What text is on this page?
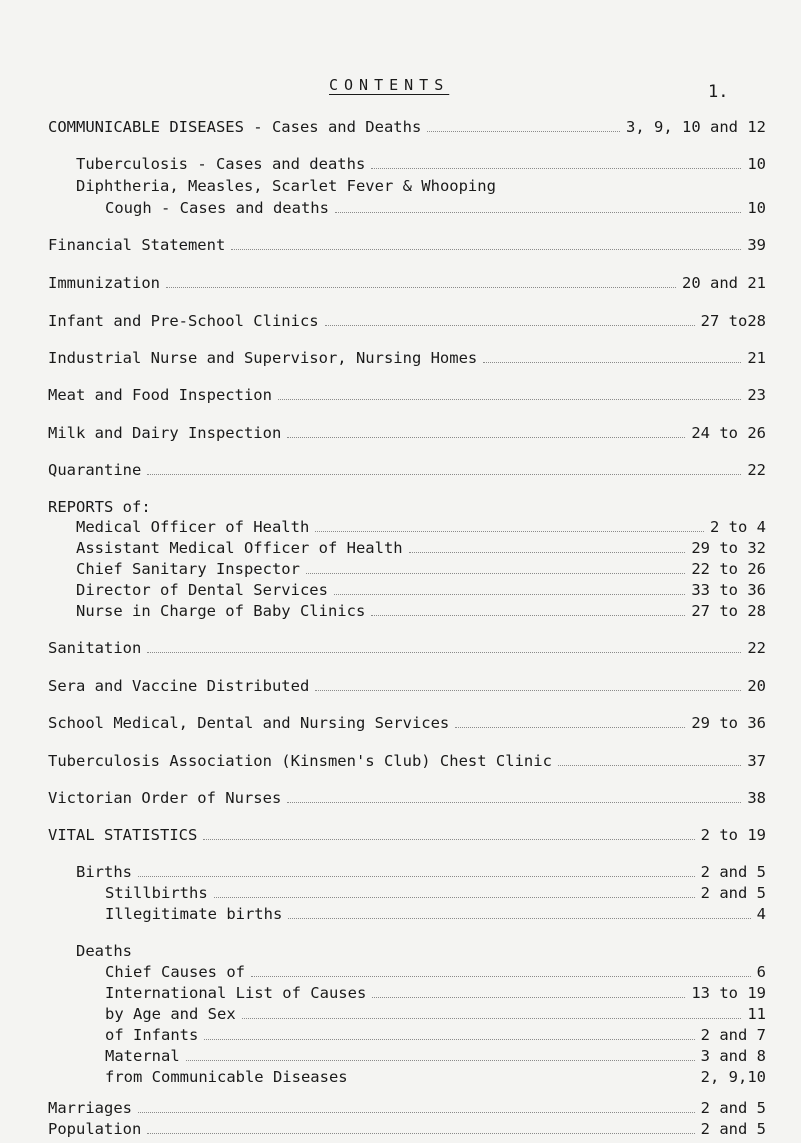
1.
CONTENTS
COMMUNICABLE DISEASES - Cases and Deaths	3, 9, 10 and 12
Tuberculosis - Cases and deaths	10
Diphtheria, Measles, Scarlet Fever & Whooping
Cough - Cases and deaths	10
Financial Statement	39
Immunization	20 and 21
Infant and Pre-School Clinics	27 to28
Industrial Nurse and Supervisor, Nursing Homes	21
Meat and Food Inspection	23
Milk and Dairy Inspection	24 to 26
Quarantine	22
REPORTS of:
Medical Officer of Health	2 to 4
Assistant Medical Officer of Health	29 to 32
Chief Sanitary Inspector	22 to 26
Director of Dental Services	33 to 36
Nurse in Charge of Baby Clinics	27 to 28
Sanitation	22
Sera and Vaccine Distributed	20
School Medical, Dental and Nursing Services	29 to 36
Tuberculosis Association (Kinsmen's Club) Chest Clinic	37
Victorian Order of Nurses	38
VITAL STATISTICS	2 to 19
Births	2 and 5
Stillbirths	2 and 5
Illegitimate births	4
Deaths
Chief Causes of	6
International List of Causes	13 to 19
by Age and Sex	11
of Infants	2 and 7
Maternal	3 and 8
from Communicable Diseases	2, 9,10
Marriages	2 and 5
Population	2 and 5
